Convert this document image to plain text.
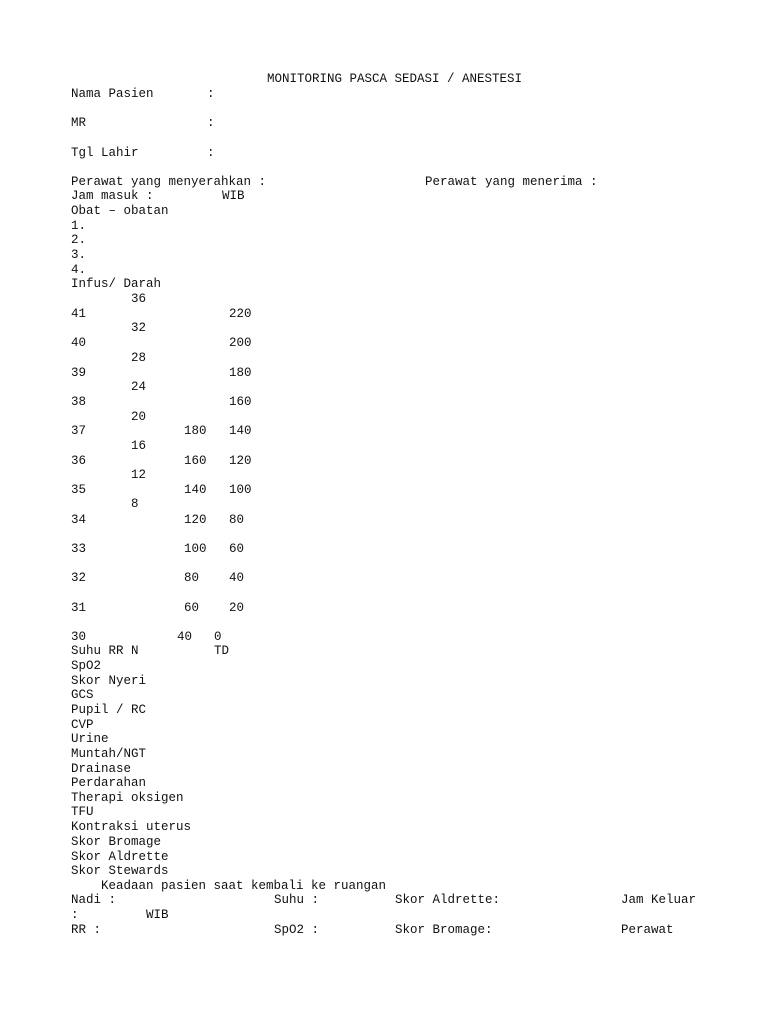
MONITORING PASCA SEDASI / ANESTESI
Nama Pasien	:
MR	:
Tgl Lahir	:
Perawat yang menyerahkan :	Perawat yang menerima :
Jam masuk :	WIB
Obat – obatan
1.
2.
3.
4.
Infus/ Darah
36
41	220
32
40	200
28
39	180
24
38	160
20
37	180 140
16
36	160 120
12
35	140 100
8
34	120 80
33	100 60
32	80 40
31	60 20
30	40 0
Suhu RR N	TD
SpO2
Skor Nyeri
GCS
Pupil / RC
CVP
Urine
Muntah/NGT
Drainase
Perdarahan
Therapi oksigen
TFU
Kontraksi uterus
Skor Bromage
Skor Aldrette
Skor Stewards
Keadaan pasien saat kembali ke ruangan
Nadi :	Suhu :	Skor Aldrette:	Jam Keluar
:	WIB
RR :	SpO2 :	Skor Bromage:	Perawat
